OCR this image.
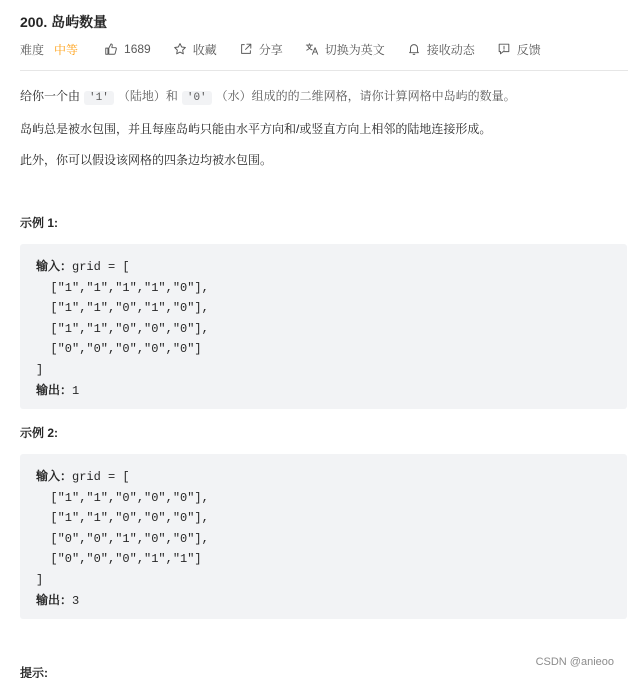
200. 岛屿数量
难度 中等	1689	收藏	分享	切换为英文	接收动态	反馈
给你一个由 '1' （陆地）和 '0' （水）组成的的二维网格，请你计算网格中岛屿的数量。
岛屿总是被水包围，并且每座岛屿只能由水平方向和/或竖直方向上相邻的陆地连接形成。
此外，你可以假设该网格的四条边均被水包围。
示例 1:
输入：grid = [
["1","1","1","1","0"],
["1","1","0","1","0"],
["1","1","0","0","0"],
["0","0","0","0","0"]
]
输出：1
示例 2:
输入：grid = [
["1","1","0","0","0"],
["1","1","0","0","0"],
["0","0","1","0","0"],
["0","0","0","1","1"]
]
输出：3
提示:
CSDN @anieoo
